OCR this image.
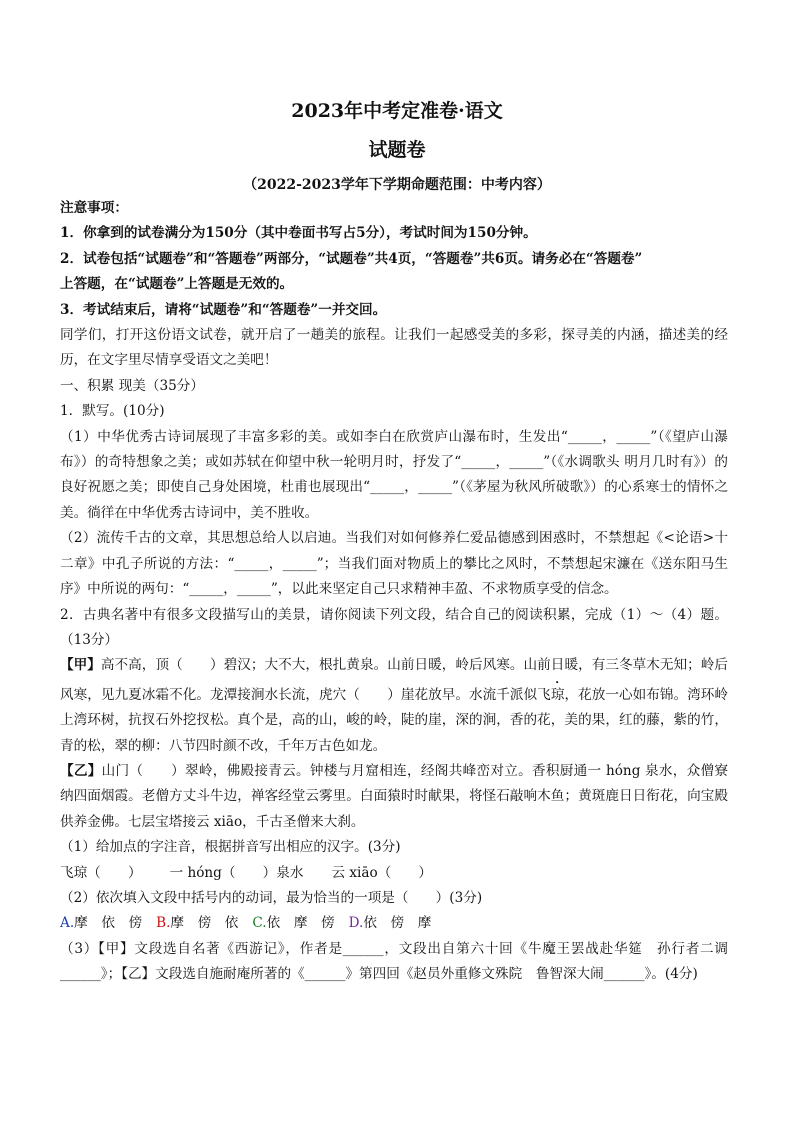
2023年中考定准卷·语文
试题卷
（2022-2023学年下学期命题范围：中考内容）

注意事项：

1．你拿到的试卷满分为150分（其中卷面书写占5分），考试时间为150分钟。

2．试卷包括“试题卷”和“答题卷”两部分，“试题卷”共4页，“答题卷”共6页。请务必在“答题卷”

上答题，在“试题卷”上答题是无效的。

3．考试结束后，请将“试题卷”和“答题卷”一并交回。

同学们，打开这份语文试卷，就开启了一趟美的旅程。让我们一起感受美的多彩，探寻美的内涵，描述美的经历，在文字里尽情享受语文之美吧！

一、积累 现美（35分）

1．默写。(10分)

（1）中华优秀古诗词展现了丰富多彩的美。或如李白在欣赏庐山瀑布时，生发出“_____，_____”（《望庐山瀑布》）的奇特想象之美；或如苏轼在仰望中秋一轮明月时，抒发了“_____，_____”（《水调歌头 明月几时有》）的良好祝愿之美；即使自己身处困境，杜甫也展现出“_____，_____”（《茅屋为秋风所破歌》）的心系寒士的情怀之美。徜徉在中华优秀古诗词中，美不胜收。

（2）流传千古的文章，其思想总给人以启迪。当我们对如何修养仁爱品德感到困惑时，不禁想起《<论语>十二章》中孔子所说的方法：“_____，_____”；当我们面对物质上的攀比之风时，不禁想起宋濂在《送东阳马生序》中所说的两句：“_____，_____”，以此来坚定自己只求精神丰盈、不求物质享受的信念。

2．古典名著中有很多文段描写山的美景，请你阅读下列文段，结合自己的阅读积累，完成（1）～（4）题。（13分）

【甲】高不高，顶（　　）碧汉；大不大，根扎黄泉。山前日暖，岭后风寒。山前日暖，有三冬草木无知；岭后风寒，见九夏冰霜不化。龙潭接涧水长流，虎穴（　　）崖花放早。水流千派似飞琼，花放一心如布锦。湾环岭上湾环树，抗扠石外挖扠松。真个是，高的山，峻的岭，陡的崖，深的涧，香的花，美的果，红的藤，紫的竹，青的松，翠的柳：八节四时颜不改，千年万古色如龙。

【乙】山门（　　）翠岭，佛殿接青云。钟楼与月窟相连，经阁共峰峦对立。香积厨通一 hóng 泉水，众僧寮纳四面烟霞。老僧方丈斗牛边，禅客经堂云雾里。白面猿时时献果，将怪石敲响木鱼；黄斑鹿日日衔花，向宝殿供养金佛。七层宝塔接云 xiāo，千古圣僧来大刹。

（1）给加点的字注音，根据拼音写出相应的汉字。(3分)

飞琼（　　） 一 hóng（　　）泉水 云 xiāo（　　）

（2）依次填入文段中括号内的动词，最为恰当的一项是（　　）(3分)

A.摩　依　傍 B.摩　傍　依 C.依　摩　傍 D.依　傍　摩

（3）【甲】文段选自名著《西游记》，作者是______，文段出自第六十回《牛魔王罢战赴华筵　孙行者二调______》；【乙】文段选自施耐庵所著的《______》第四回《赵员外重修文殊院　鲁智深大闹______》。(4分)
